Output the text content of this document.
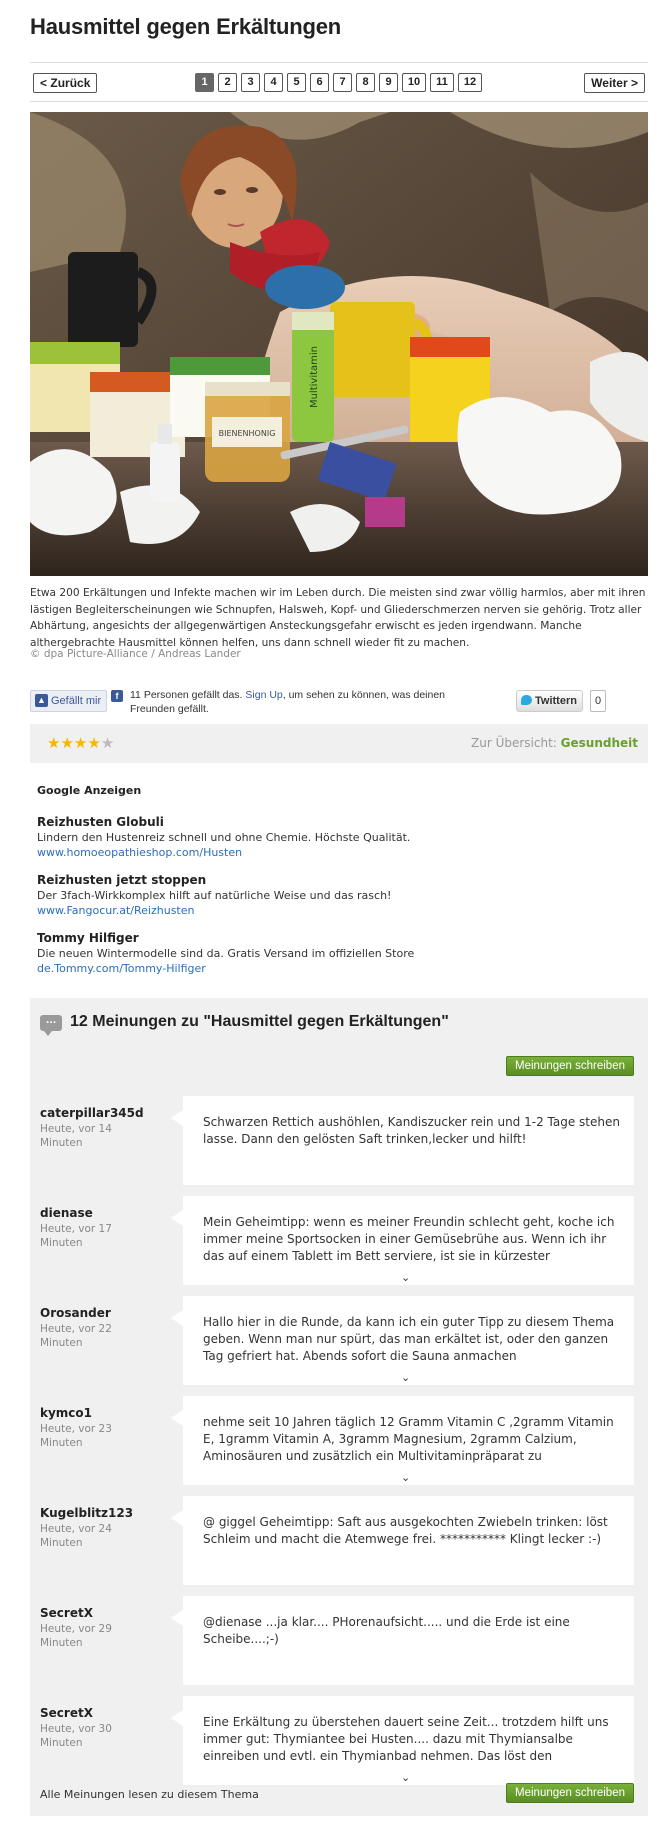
Hausmittel gegen Erkältungen
< Zurück	1	2	3	4	5	6	7	8	9	10	11	12	Weiter >
Multivitamin
BIENENHONIG

Etwa 200 Erkältungen und Infekte machen wir im Leben durch. Die meisten sind zwar völlig harmlos, aber mit ihren lästigen Begleiterscheinungen wie Schnupfen, Halsweh, Kopf- und Gliederschmerzen nerven sie gehörig. Trotz aller Abhärtung, angesichts der allgegenwärtigen Ansteckungsgefahr erwischt es jeden irgendwann. Manche althergebrachte Hausmittel können helfen, uns dann schnell wieder fit zu machen.

© dpa Picture-Alliance / Andreas Lander
▲ Gefällt mir	f	11 Personen gefällt das. Sign Up, um sehen zu können, was deinen Freunden gefällt.
Twittern	0
★★★★★	Zur Übersicht: Gesundheit
Google Anzeigen
Reizhusten Globuli
Lindern den Hustenreiz schnell und ohne Chemie. Höchste Qualität.
www.homoeopathieshop.com/Husten
Reizhusten jetzt stoppen
Der 3fach-Wirkkomplex hilft auf natürliche Weise und das rasch!
www.Fangocur.at/Reizhusten
Tommy Hilfiger
Die neuen Wintermodelle sind da. Gratis Versand im offiziellen Store
de.Tommy.com/Tommy-Hilfiger
... 12 Meinungen zu "Hausmittel gegen Erkältungen"
Meinungen schreiben
caterpillar345d
Heute, vor 14 Minuten
Schwarzen Rettich aushöhlen, Kandiszucker rein und 1-2 Tage stehen lasse. Dann den gelösten Saft trinken,lecker und hilft!
dienase
Heute, vor 17 Minuten
Mein Geheimtipp: wenn es meiner Freundin schlecht geht, koche ich immer meine Sportsocken in einer Gemüsebrühe aus. Wenn ich ihr das auf einem Tablett im Bett serviere, ist sie in kürzester
⌄
Orosander
Heute, vor 22 Minuten
Hallo hier in die Runde, da kann ich ein guter Tipp zu diesem Thema geben. Wenn man nur spürt, das man erkältet ist, oder den ganzen Tag gefriert hat. Abends sofort die Sauna anmachen
⌄
kymco1
Heute, vor 23 Minuten
nehme seit 10 Jahren täglich 12 Gramm Vitamin C ,2gramm Vitamin E, 1gramm Vitamin A, 3gramm Magnesium, 2gramm Calzium, Aminosäuren und zusätzlich ein Multivitaminpräparat zu
⌄
Kugelblitz123
Heute, vor 24 Minuten
@ giggel Geheimtipp: Saft aus ausgekochten Zwiebeln trinken: löst Schleim und macht die Atemwege frei. *********** Klingt lecker :-)
SecretX
Heute, vor 29 Minuten
@dienase ...ja klar.... PHorenaufsicht..... und die Erde ist eine Scheibe....;-)
SecretX
Heute, vor 30 Minuten
Eine Erkältung zu überstehen dauert seine Zeit... trotzdem hilft uns immer gut: Thymiantee bei Husten.... dazu mit Thymiansalbe einreiben und evtl. ein Thymianbad nehmen. Das löst den
⌄
Alle Meinungen lesen zu diesem Thema	Meinungen schreiben
